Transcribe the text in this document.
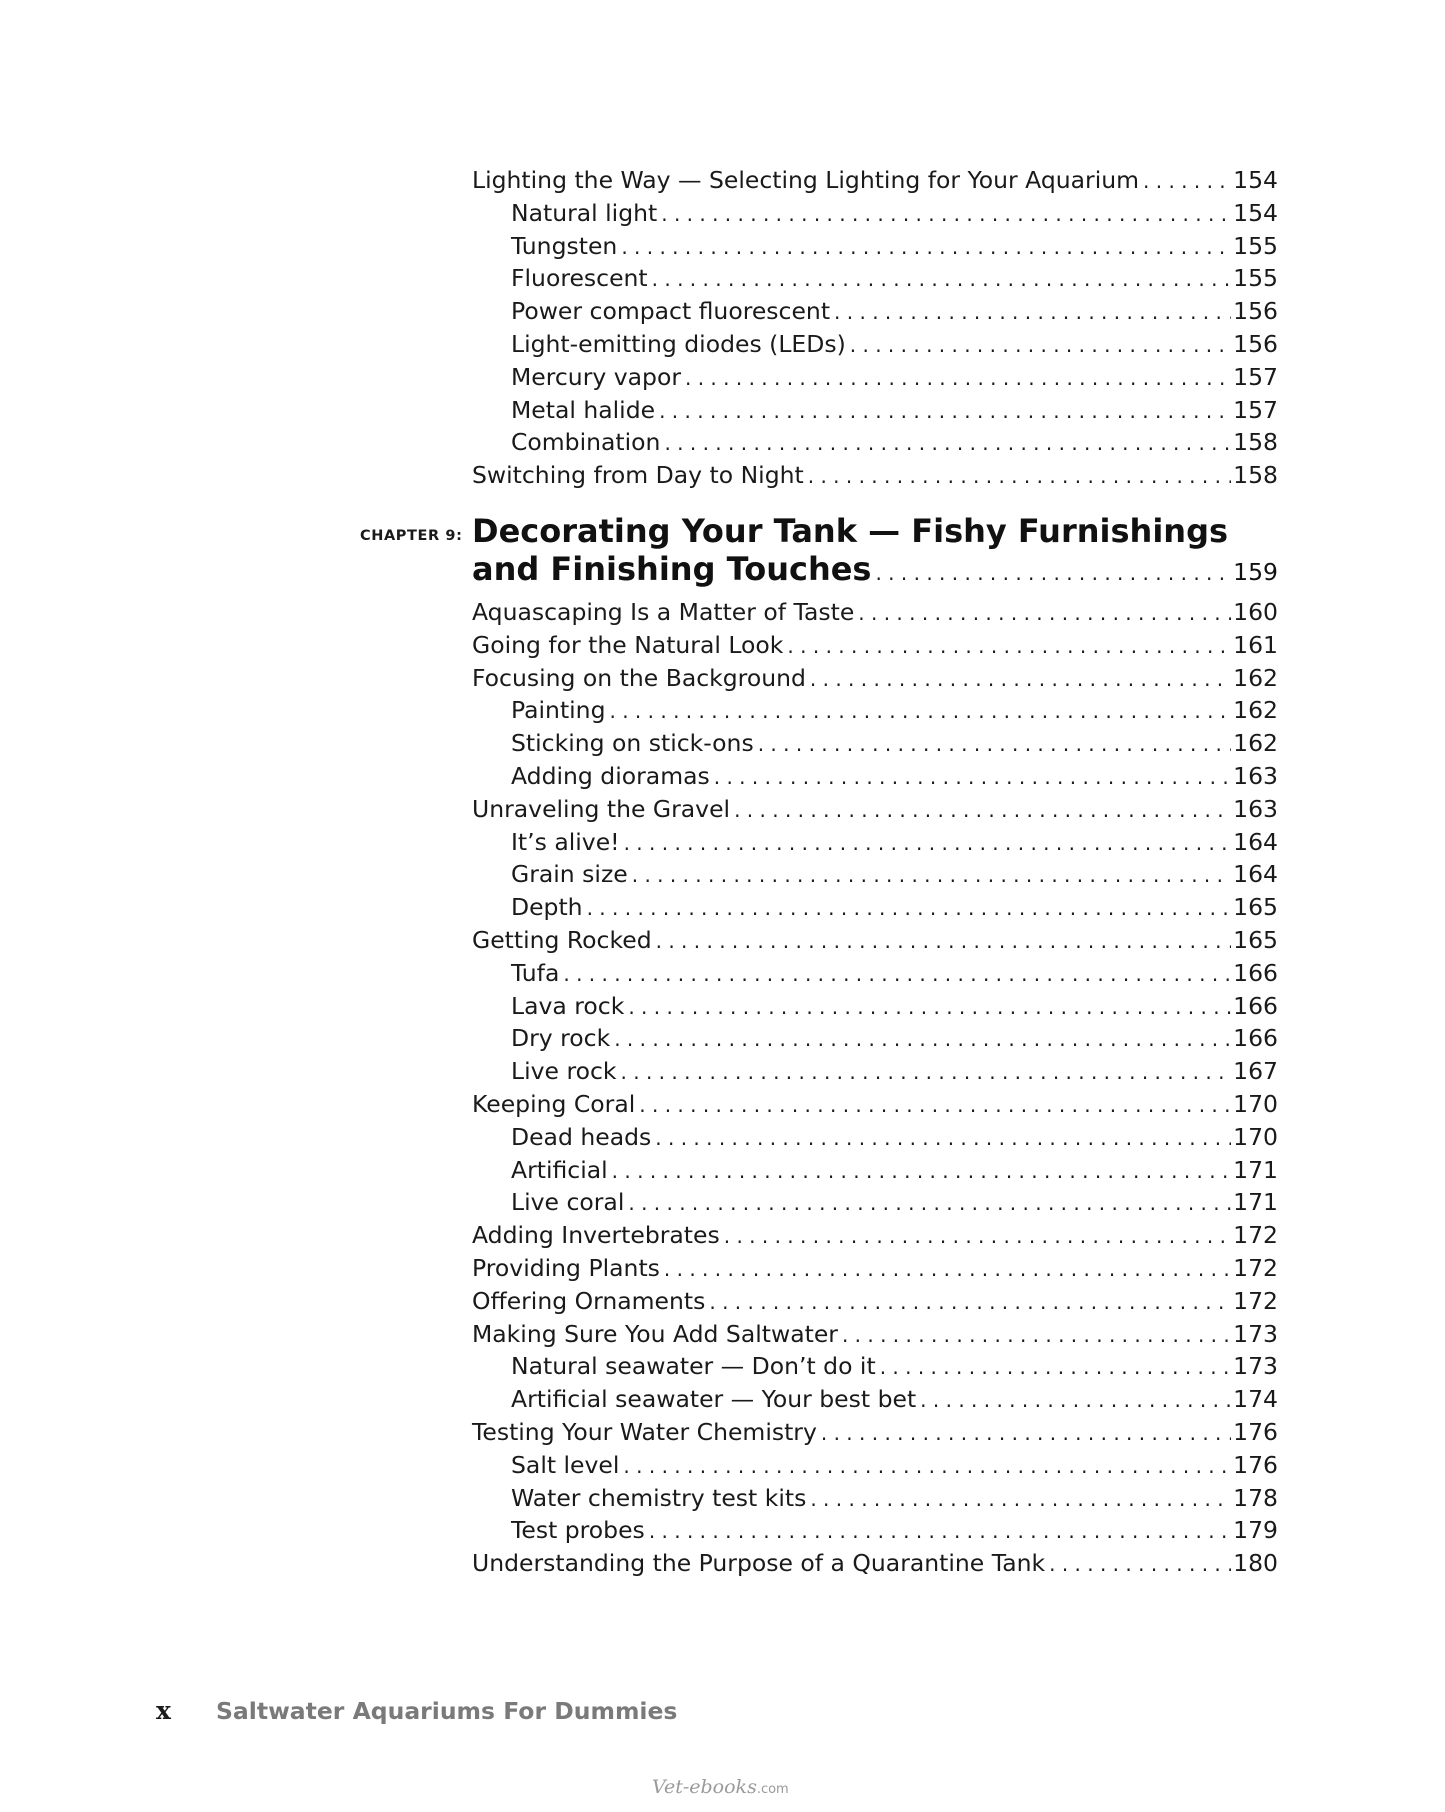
Lighting the Way — Selecting Lighting for Your Aquarium . . .	154
Natural light . . .	154
Tungsten . . .	155
Fluorescent . . .	155
Power compact fluorescent . . .	156
Light-emitting diodes (LEDs) . . .	156
Mercury vapor . . .	157
Metal halide . . .	157
Combination . . .	158
Switching from Day to Night . . .	158
CHAPTER 9: Decorating Your Tank — Fishy Furnishings
and Finishing Touches . . .	159
Aquascaping Is a Matter of Taste . . .	160
Going for the Natural Look . . .	161
Focusing on the Background . . .	162
Painting . . .	162
Sticking on stick-ons . . .	162
Adding dioramas . . .	163
Unraveling the Gravel . . .	163
It’s alive! . . .	164
Grain size . . .	164
Depth . . .	165
Getting Rocked . . .	165
Tufa . . .	166
Lava rock . . .	166
Dry rock . . .	166
Live rock . . .	167
Keeping Coral . . .	170
Dead heads . . .	170
Artificial . . .	171
Live coral . . .	171
Adding Invertebrates . . .	172
Providing Plants . . .	172
Offering Ornaments . . .	172
Making Sure You Add Saltwater . . .	173
Natural seawater — Don’t do it . . .	173
Artificial seawater — Your best bet . . .	174
Testing Your Water Chemistry . . .	176
Salt level . . .	176
Water chemistry test kits . . .	178
Test probes . . .	179
Understanding the Purpose of a Quarantine Tank . . .	180
x Saltwater Aquariums For Dummies
Vet-ebooks.com
